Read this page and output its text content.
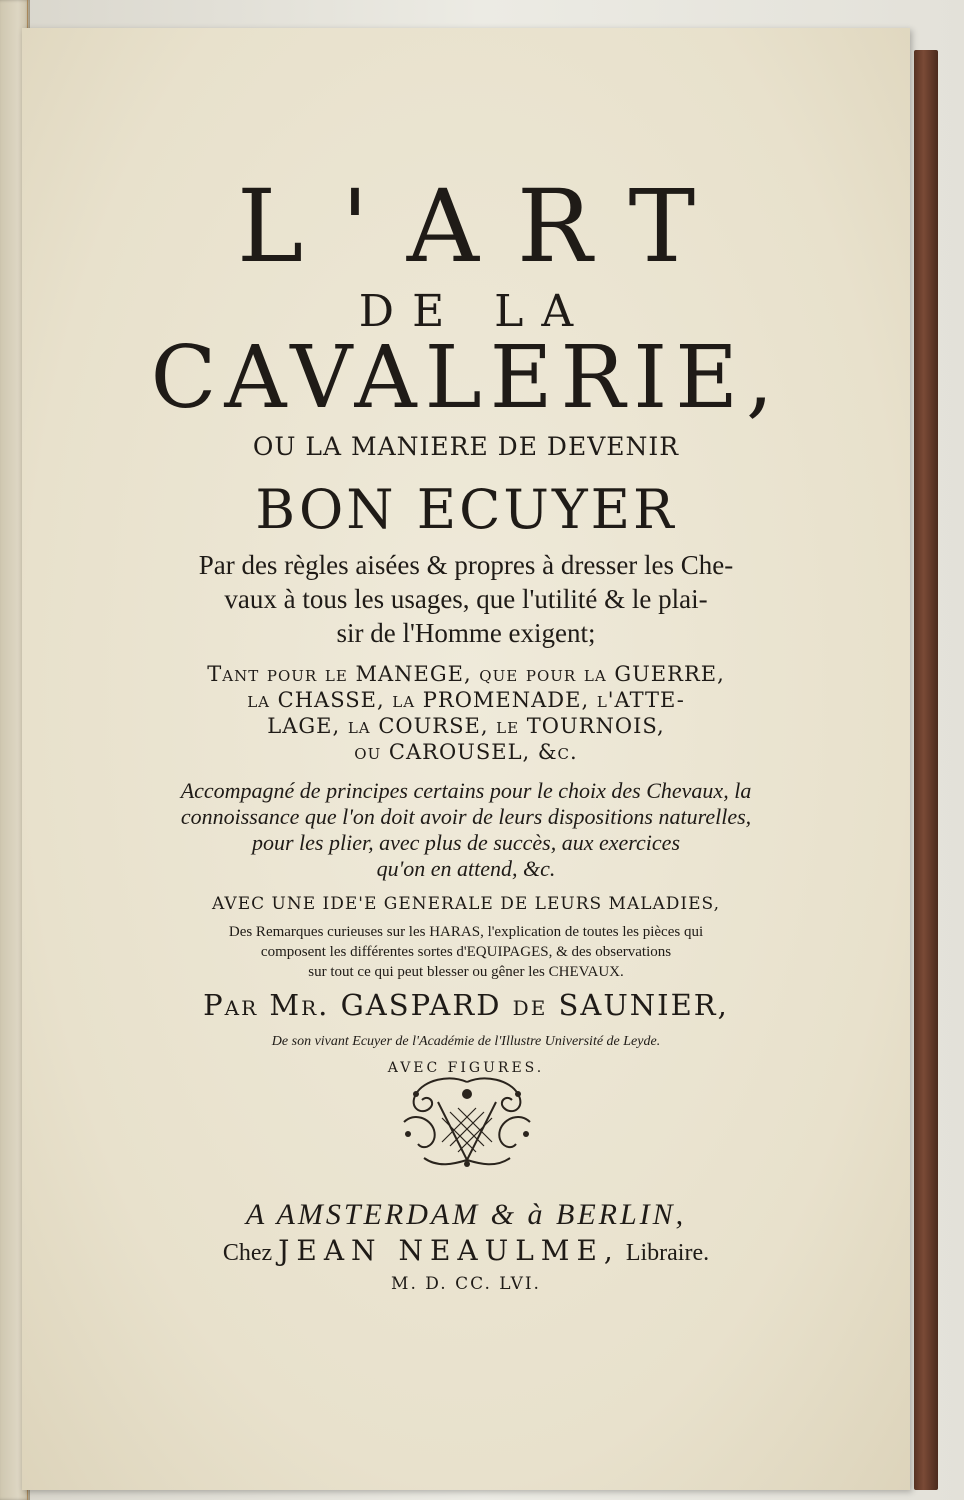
L'ART
DE LA
CAVALERIE,
OU LA MANIERE DE DEVENIR
BON ECUYER
Par des règles aisées & propres à dresser les Che-
vaux à tous les usages, que l'utilité & le plai-
sir de l'Homme exigent;
Tant pour le MANEGE, que pour la GUERRE,
la CHASSE, la PROMENADE, l'ATTE-
LAGE, la COURSE, le TOURNOIS,
ou CAROUSEL, &c.
Accompagné de principes certains pour le choix des Chevaux, la
connoissance que l'on doit avoir de leurs dispositions naturelles,
pour les plier, avec plus de succès, aux exercices
qu'on en attend, &c.
AVEC UNE IDE'E GENERALE DE LEURS MALADIES,
Des Remarques curieuses sur les HARAS, l'explication de toutes les pièces qui
composent les différentes sortes d'EQUIPAGES, & des observations
sur tout ce qui peut blesser ou gêner les CHEVAUX.
Par Mr. GASPARD de SAUNIER,
De son vivant Ecuyer de l'Académie de l'Illustre Université de Leyde.
AVEC FIGURES.
A AMSTERDAM & à BERLIN,
Chez JEAN NEAULME, Libraire.
M. D. CC. LVI.
